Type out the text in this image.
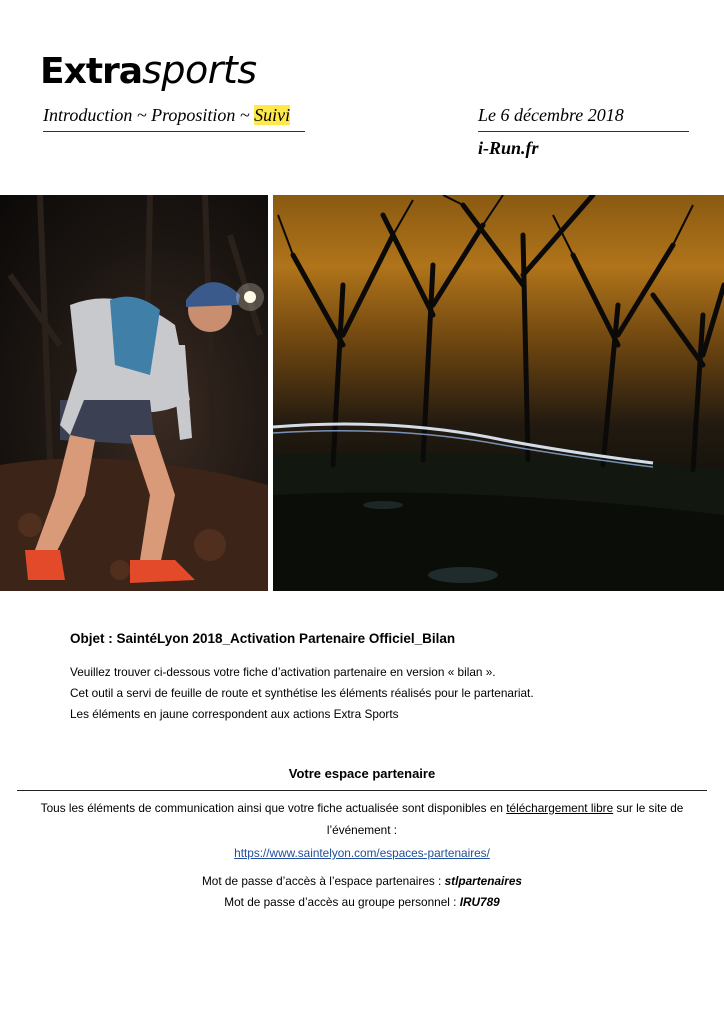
Extrasports
Introduction ~ Proposition ~ Suivi	Le 6 décembre 2018
i-Run.fr
Objet : SaintéLyon 2018_Activation Partenaire Officiel_Bilan
Veuillez trouver ci-dessous votre fiche d’activation partenaire en version « bilan ».
Cet outil a servi de feuille de route et synthétise les éléments réalisés pour le partenariat.
Les éléments en jaune correspondent aux actions Extra Sports
Votre espace partenaire
Tous les éléments de communication ainsi que votre fiche actualisée sont disponibles en téléchargement libre sur le site de l’événement :
https://www.saintelyon.com/espaces-partenaires/
Mot de passe d’accès à l’espace partenaires : stlpartenaires
Mot de passe d’accès au groupe personnel : IRU789
